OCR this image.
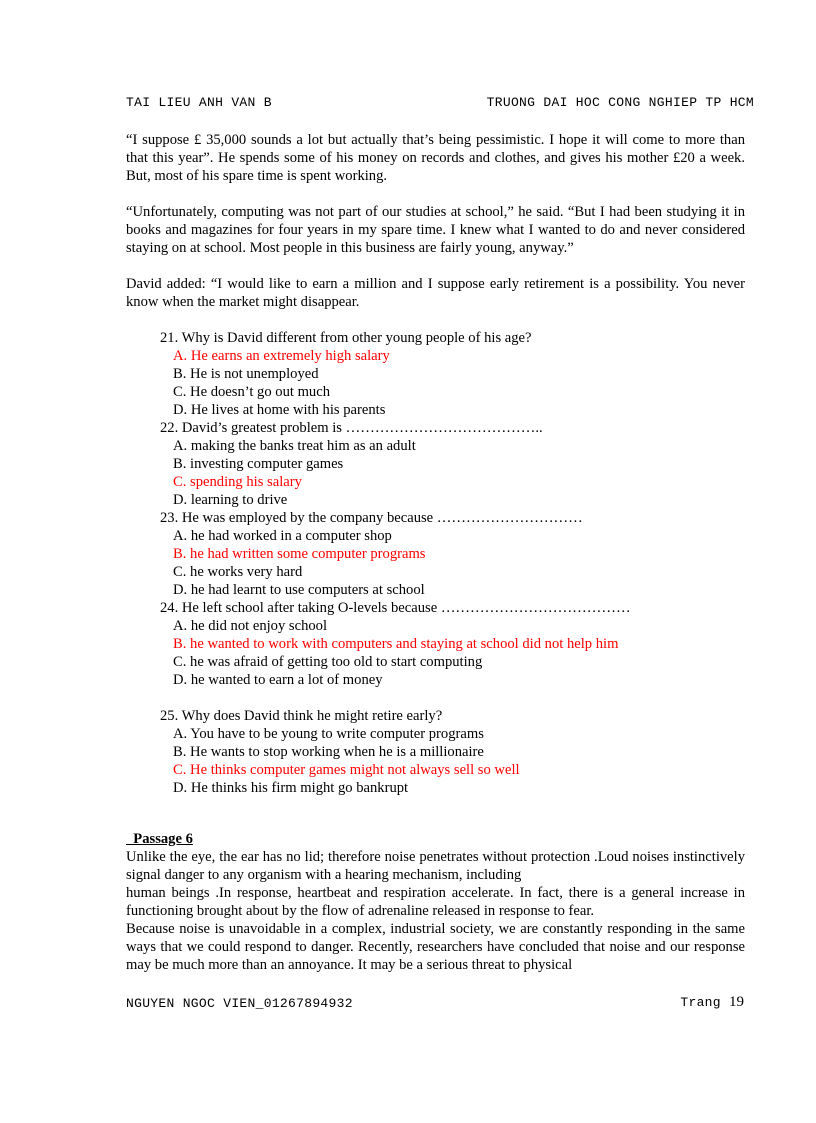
TAI LIEU ANH VAN B	TRUONG DAI HOC CONG NGHIEP TP HCM

“I suppose £ 35,000 sounds a lot but actually that’s being pessimistic. I hope it will come to more than that this year”. He spends some of his money on records and clothes, and gives his mother £20 a week. But, most of his spare time is spent working.

“Unfortunately, computing was not part of our studies at school,” he said. “But I had been studying it in books and magazines for four years in my spare time. I knew what I wanted to do and never considered staying on at school. Most people in this business are fairly young, anyway.”

David added: “I would like to earn a million and I suppose early retirement is a possibility. You never know when the market might disappear.

21. Why is David different from other young people of his age?

A. He earns an extremely high salary

B. He is not unemployed

C. He doesn’t go out much

D. He lives at home with his parents

22. David’s greatest problem is …………………………………..

A. making the banks treat him as an adult

B. investing computer games

C. spending his salary

D. learning to drive

23. He was employed by the company because …………………………

A. he had worked in a computer shop

B. he had written some computer programs

C. he works very hard

D. he had learnt to use computers at school

24. He left school after taking O-levels because …………………………………

A. he did not enjoy school

B. he wanted to work with computers and staying at school did not help him

C. he was afraid of getting too old to start computing

D. he wanted to earn a lot of money

25. Why does David think he might retire early?

A. You have to be young to write computer programs

B. He wants to stop working when he is a millionaire

C. He thinks computer games might not always sell so well

D. He thinks his firm might go bankrupt

Passage 6

Unlike the eye, the ear has no lid; therefore noise penetrates without protection .Loud noises instinctively signal danger to any organism with a hearing mechanism, including

human beings .In response, heartbeat and respiration accelerate. In fact, there is a general increase in functioning brought about by the flow of adrenaline released in response to fear.

Because noise is unavoidable in a complex, industrial society, we are constantly responding in the same ways that we could respond to danger. Recently, researchers have concluded that noise and our response may be much more than an annoyance. It may be a serious threat to physical

NGUYEN NGOC VIEN_01267894932	Trang 19
